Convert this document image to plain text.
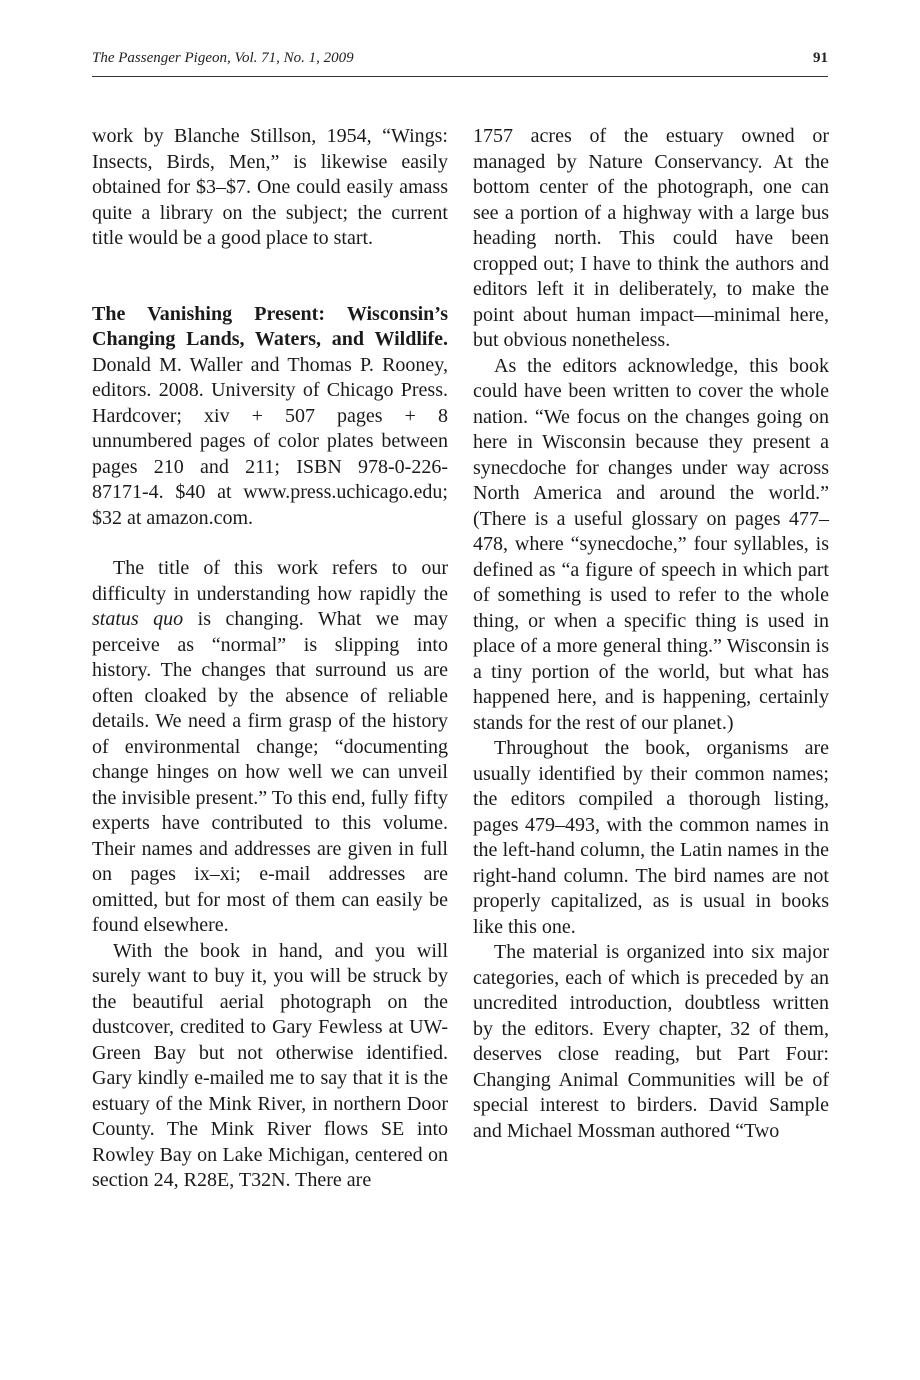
The Passenger Pigeon, Vol. 71, No. 1, 2009	91

work by Blanche Stillson, 1954, “Wings: Insects, Birds, Men,” is likewise easily obtained for $3–$7. One could easily amass quite a library on the subject; the current title would be a good place to start.

The Vanishing Present: Wisconsin’s Changing Lands, Waters, and Wildlife. Donald M. Waller and Thomas P. Rooney, editors. 2008. University of Chicago Press. Hardcover; xiv + 507 pages + 8 unnumbered pages of color plates between pages 210 and 211; ISBN 978-0-226-87171-4. $40 at www.press.uchicago.edu; $32 at amazon.com.

The title of this work refers to our difficulty in understanding how rapidly the status quo is changing. What we may perceive as “normal” is slipping into history. The changes that surround us are often cloaked by the absence of reliable details. We need a firm grasp of the history of environmental change; “documenting change hinges on how well we can unveil the invisible present.” To this end, fully fifty experts have contributed to this volume. Their names and addresses are given in full on pages ix–xi; e-mail addresses are omitted, but for most of them can easily be found elsewhere.

With the book in hand, and you will surely want to buy it, you will be struck by the beautiful aerial photograph on the dustcover, credited to Gary Fewless at UW-Green Bay but not otherwise identified. Gary kindly e-mailed me to say that it is the estuary of the Mink River, in northern Door County. The Mink River flows SE into Rowley Bay on Lake Michigan, centered on section 24, R28E, T32N. There are

1757 acres of the estuary owned or managed by Nature Conservancy. At the bottom center of the photograph, one can see a portion of a highway with a large bus heading north. This could have been cropped out; I have to think the authors and editors left it in deliberately, to make the point about human impact—minimal here, but obvious nonetheless.

As the editors acknowledge, this book could have been written to cover the whole nation. “We focus on the changes going on here in Wisconsin because they present a synecdoche for changes under way across North America and around the world.” (There is a useful glossary on pages 477–478, where “synecdoche,” four syllables, is defined as “a figure of speech in which part of something is used to refer to the whole thing, or when a specific thing is used in place of a more general thing.” Wisconsin is a tiny portion of the world, but what has happened here, and is happening, certainly stands for the rest of our planet.)

Throughout the book, organisms are usually identified by their common names; the editors compiled a thorough listing, pages 479–493, with the common names in the left-hand column, the Latin names in the right-hand column. The bird names are not properly capitalized, as is usual in books like this one.

The material is organized into six major categories, each of which is preceded by an uncredited introduction, doubtless written by the editors. Every chapter, 32 of them, deserves close reading, but Part Four: Changing Animal Communities will be of special interest to birders. David Sample and Michael Mossman authored “Two
